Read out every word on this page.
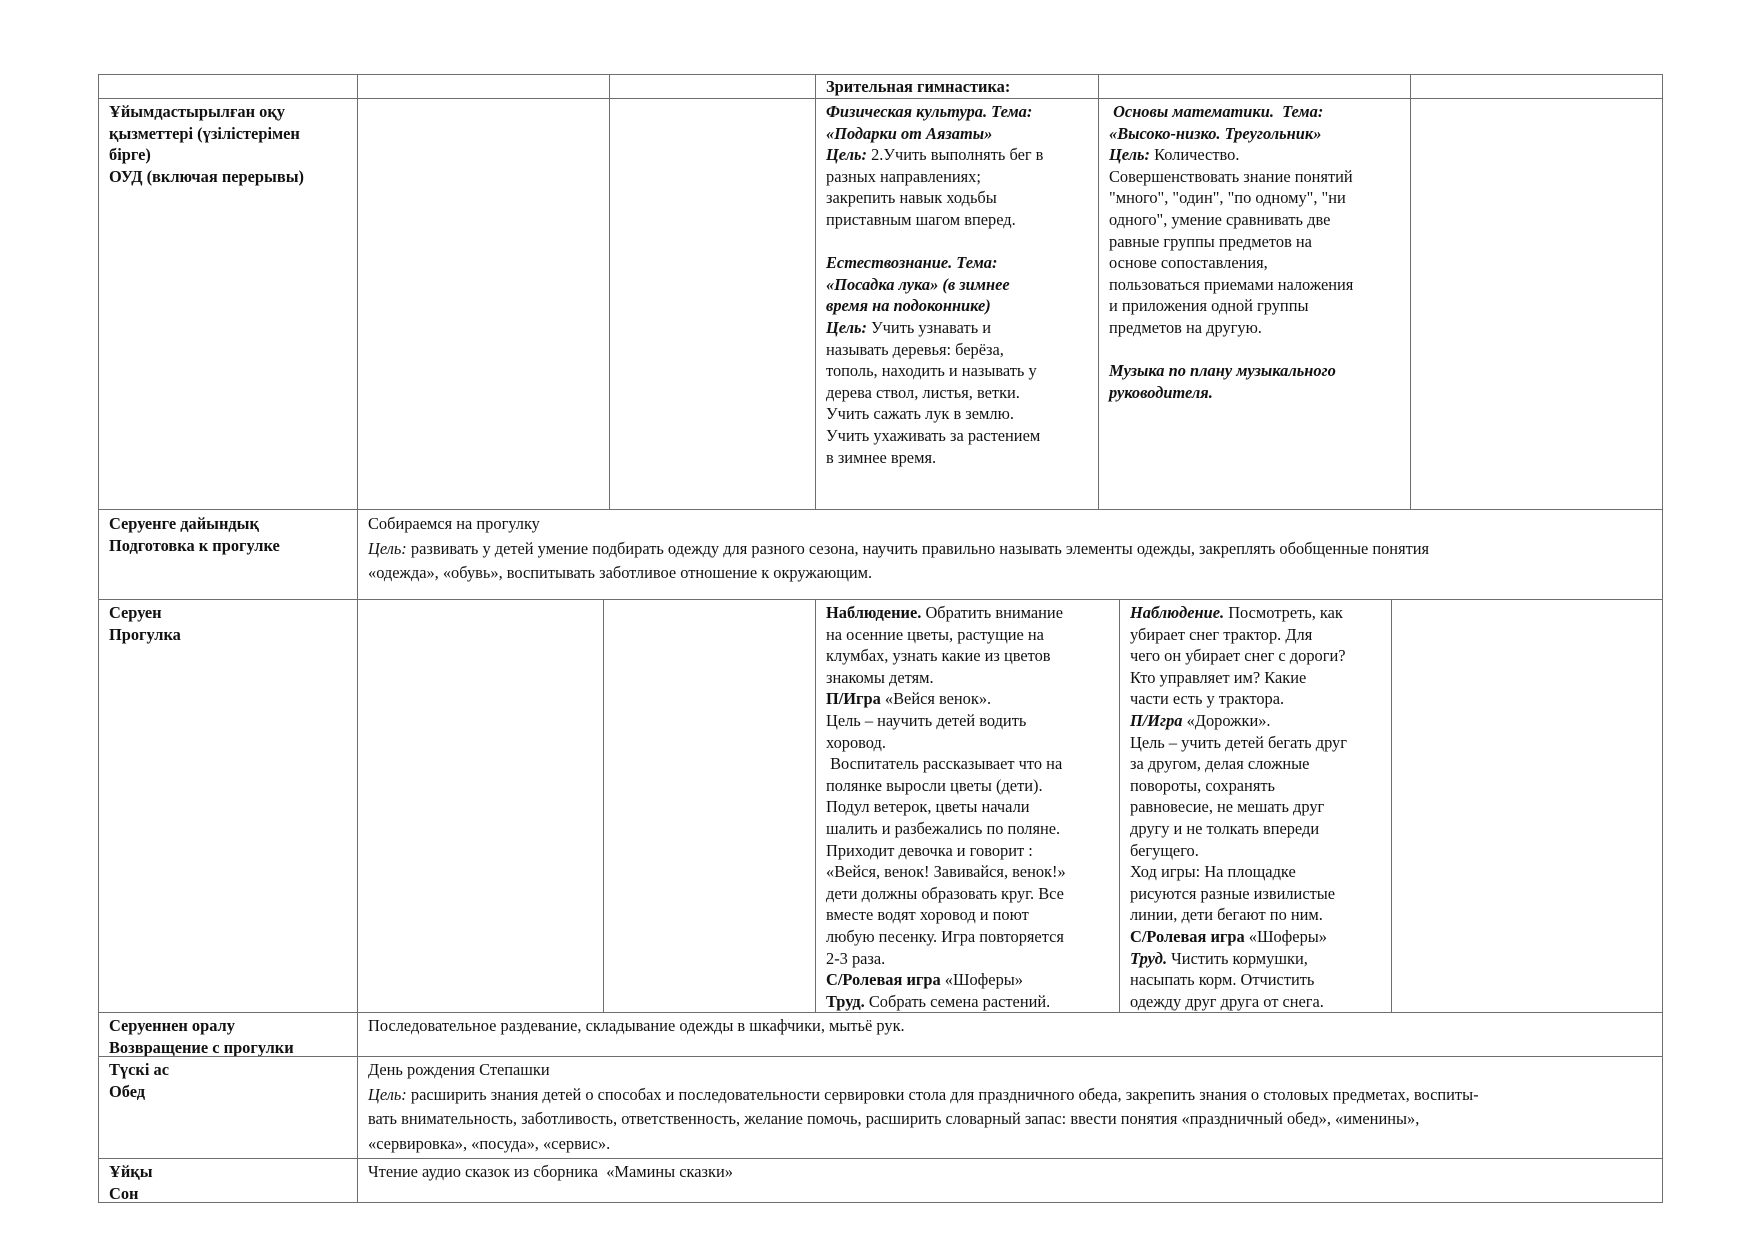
Зрительная гимнастика:

Ұйымдастырылған оқу

қызметтері (үзілістерімен

бірге)

ОУД (включая перерывы)

Физическая культура. Тема:

«Подарки от Аязаты»

Цель: 2.Учить выполнять бег в

разных направлениях;

закрепить навык ходьбы

приставным шагом вперед.

Естествознание. Тема:

«Посадка лука» (в зимнее

время на подоконнике)

Цель: Учить узнавать и

называть деревья: берёза,

тополь, находить и называть у

дерева ствол, листья, ветки.

Учить сажать лук в землю.

Учить ухаживать за растением

в зимнее время.

Основы математики.  Тема:

«Высоко-низко. Треугольник»

Цель: Количество.

Совершенствовать знание понятий

"много", "один", "по одному", "ни

одного", умение сравнивать две

равные группы предметов на

основе сопоставления,

пользоваться приемами наложения

и приложения одной группы

предметов на другую.

Музыка по плану музыкального

руководителя.

Серуенге дайындық

Подготовка к прогулке

Собираемся на прогулку

Цель: развивать у детей умение подбирать одежду для разного сезона, научить правильно называть элементы одежды, закреплять обобщенные понятия

«одежда», «обувь», воспитывать заботливое отношение к окружающим.

Серуен

Прогулка

Наблюдение. Обратить внимание

на осенние цветы, растущие на

клумбах, узнать какие из цветов

знакомы детям.

П/Игра «Вейся венок».

Цель – научить детей водить

хоровод.

Воспитатель рассказывает что на

полянке выросли цветы (дети).

Подул ветерок, цветы начали

шалить и разбежались по поляне.

Приходит девочка и говорит :

«Вейся, венок! Завивайся, венок!»

дети должны образовать круг. Все

вместе водят хоровод и поют

любую песенку. Игра повторяется

2-3 раза.

С/Ролевая игра «Шоферы»

Труд. Собрать семена растений.

Наблюдение. Посмотреть, как

убирает снег трактор. Для

чего он убирает снег с дороги?

Кто управляет им? Какие

части есть у трактора.

П/Игра «Дорожки».

Цель – учить детей бегать друг

за другом, делая сложные

повороты, сохранять

равновесие, не мешать друг

другу и не толкать впереди

бегущего.

Ход игры: На площадке

рисуются разные извилистые

линии, дети бегают по ним.

С/Ролевая игра «Шоферы»

Труд. Чистить кормушки,

насыпать корм. Отчистить

одежду друг друга от снега.

Серуеннен оралу

Возвращение с прогулки

Последовательное раздевание, складывание одежды в шкафчики, мытьё рук.

Түскі ас

Обед

День рождения Степашки

Цель: расширить знания детей о способах и последовательности сервировки стола для праздничного обеда, закрепить знания о столовых предметах, воспиты-

вать внимательность, заботливость, ответственность, желание помочь, расширить словарный запас: ввести понятия «праздничный обед», «именины»,

«сервировка», «посуда», «сервис».

Ұйқы

Сон

Чтение аудио сказок из сборника  «Мамины сказки»
